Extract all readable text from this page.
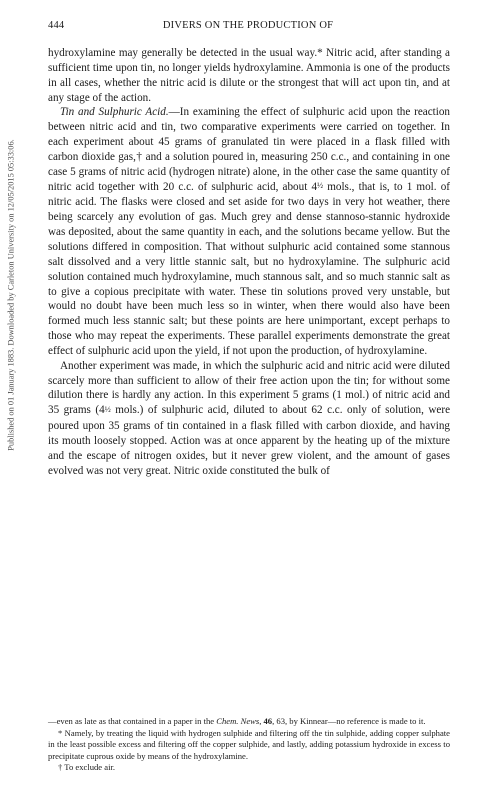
Published on 01 January 1883. Downloaded by Carleton University on 12/05/2015 05:33:06.
444	DIVERS ON THE PRODUCTION OF

hydroxylamine may generally be detected in the usual way.* Nitric acid, after standing a sufficient time upon tin, no longer yields hydroxylamine. Ammonia is one of the products in all cases, whether the nitric acid is dilute or the strongest that will act upon tin, and at any stage of the action.

Tin and Sulphuric Acid.—In examining the effect of sulphuric acid upon the reaction between nitric acid and tin, two comparative experiments were carried on together. In each experiment about 45 grams of granulated tin were placed in a flask filled with carbon dioxide gas,† and a solution poured in, measuring 250 c.c., and containing in one case 5 grams of nitric acid (hydrogen nitrate) alone, in the other case the same quantity of nitric acid together with 20 c.c. of sulphuric acid, about 4½ mols., that is, to 1 mol. of nitric acid. The flasks were closed and set aside for two days in very hot weather, there being scarcely any evolution of gas. Much grey and dense stannoso-stannic hydroxide was deposited, about the same quantity in each, and the solutions became yellow. But the solutions differed in composition. That without sulphuric acid contained some stannous salt dissolved and a very little stannic salt, but no hydroxylamine. The sulphuric acid solution contained much hydroxylamine, much stannous salt, and so much stannic salt as to give a copious precipitate with water. These tin solutions proved very unstable, but would no doubt have been much less so in winter, when there would also have been formed much less stannic salt; but these points are here unimportant, except perhaps to those who may repeat the experiments. These parallel experiments demonstrate the great effect of sulphuric acid upon the yield, if not upon the production, of hydroxylamine.

Another experiment was made, in which the sulphuric acid and nitric acid were diluted scarcely more than sufficient to allow of their free action upon the tin; for without some dilution there is hardly any action. In this experiment 5 grams (1 mol.) of nitric acid and 35 grams (4½ mols.) of sulphuric acid, diluted to about 62 c.c. only of solution, were poured upon 35 grams of tin contained in a flask filled with carbon dioxide, and having its mouth loosely stopped. Action was at once apparent by the heating up of the mixture and the escape of nitrogen oxides, but it never grew violent, and the amount of gases evolved was not very great. Nitric oxide constituted the bulk of

—even as late as that contained in a paper in the Chem. News, 46, 63, by Kinnear—no reference is made to it.

* Namely, by treating the liquid with hydrogen sulphide and filtering off the tin sulphide, adding copper sulphate in the least possible excess and filtering off the copper sulphide, and lastly, adding potassium hydroxide in excess to precipitate cuprous oxide by means of the hydroxylamine.

† To exclude air.
